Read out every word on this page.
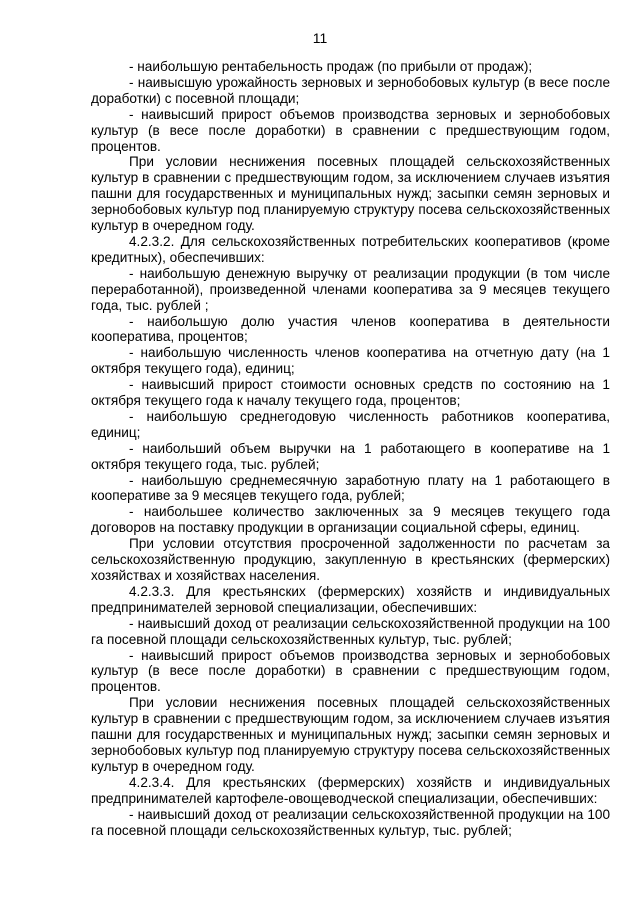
11

- наибольшую рентабельность продаж (по прибыли от продаж);

- наивысшую урожайность зерновых и зернобобовых культур (в весе после доработки) с посевной площади;

- наивысший прирост объемов производства зерновых и зернобобовых культур (в весе после доработки) в сравнении с предшествующим годом, процентов.

При условии неснижения посевных площадей сельскохозяйственных культур в сравнении с предшествующим годом, за исключением случаев изъятия пашни для государственных и муниципальных нужд; засыпки семян зерновых и зернобобовых культур под планируемую структуру посева сельскохозяйственных культур в очередном году.

4.2.3.2. Для сельскохозяйственных потребительских кооперативов (кроме кредитных), обеспечивших:

- наибольшую денежную выручку от реализации продукции (в том числе переработанной), произведенной членами кооператива за 9 месяцев текущего года, тыс. рублей ;

- наибольшую долю участия членов кооператива в деятельности кооператива, процентов;

- наибольшую численность членов кооператива на отчетную дату (на 1 октября текущего года), единиц;

- наивысший прирост стоимости основных средств по состоянию на 1 октября текущего года к началу текущего года, процентов;

- наибольшую среднегодовую численность работников кооператива, единиц;

- наибольший объем выручки на 1 работающего в кооперативе на 1 октября текущего года, тыс. рублей;

- наибольшую среднемесячную заработную плату на 1 работающего в кооперативе за 9 месяцев текущего года, рублей;

- наибольшее количество заключенных за 9 месяцев текущего года договоров на поставку продукции в организации социальной сферы, единиц.

При условии отсутствия просроченной задолженности по расчетам за сельскохозяйственную продукцию, закупленную в крестьянских (фермерских) хозяйствах и хозяйствах населения.

4.2.3.3. Для крестьянских (фермерских) хозяйств и индивидуальных предпринимателей зерновой специализации, обеспечивших:

- наивысший доход от реализации сельскохозяйственной продукции на 100 га посевной площади сельскохозяйственных культур, тыс. рублей;

- наивысший прирост объемов производства зерновых и зернобобовых культур (в весе после доработки) в сравнении с предшествующим годом, процентов.

При условии неснижения посевных площадей сельскохозяйственных культур в сравнении с предшествующим годом, за исключением случаев изъятия пашни для государственных и муниципальных нужд; засыпки семян зерновых и зернобобовых культур под планируемую структуру посева сельскохозяйственных культур в очередном году.

4.2.3.4. Для крестьянских (фермерских) хозяйств и индивидуальных предпринимателей картофеле-овощеводческой специализации, обеспечивших:

- наивысший доход от реализации сельскохозяйственной продукции на 100 га посевной площади сельскохозяйственных культур, тыс. рублей;
